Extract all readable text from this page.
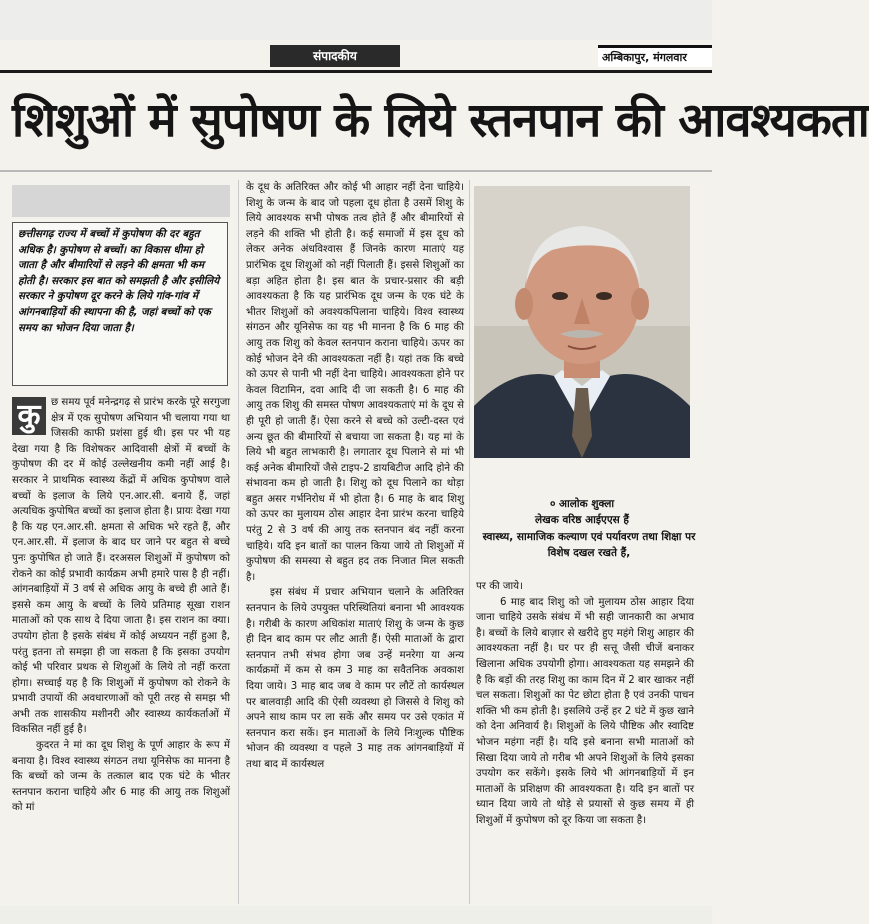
संपादकीय	अम्बिकापुर, मंगलवार
शिशुओं में सुपोषण के लिये स्तनपान की आवश्यकता

छत्तीसगढ़ राज्य में बच्चों में कुपोषण की दर बहुत अधिक है। कुपोषण से बच्चों। का विकास धीमा हो जाता है और बीमारियों से लड़ने की क्षमता भी कम होती है। सरकार इस बात को समझती है और इसीलिये सरकार ने कुपोषण दूर करने के लिये गांव-गांव में आंगनबाड़ियों की स्थापना की है, जहां बच्चों को एक समय का भोजन दिया जाता है।

कु	छ समय पूर्व मनेन्द्रगढ़ से प्रारंभ करके पूरे सरगुजा क्षेत्र में एक सुपोषण अभियान भी चलाया गया था जिसकी काफी प्रशंसा हुई थी। इस पर भी यह देखा गया है कि विशेषकर आदिवासी क्षेत्रों में बच्चों के कुपोषण की दर में कोई उल्लेखनीय कमी नहीं आई है। सरकार ने प्राथमिक स्वास्थ्य केंद्रों में अधिक कुपोषण वाले बच्चों के इलाज के लिये एन.आर.सी. बनाये हैं, जहां अत्यधिक कुपोषित बच्चों का इलाज होता है। प्रायः देखा गया है कि यह एन.आर.सी. क्षमता से अधिक भरे रहते हैं, और एन.आर.सी. में इलाज के बाद घर जाने पर बहुत से बच्चे पुनः कुपोषित हो जाते हैं। दरअसल शिशुओं में कुपोषण को रोकने का कोई प्रभावी कार्यक्रम अभी हमारे पास है ही नहीं। आंगनबाड़ियों में 3 वर्ष से अधिक आयु के बच्चे ही आते हैं। इससे कम आयु के बच्चों के लिये प्रतिमाह सूखा राशन माताओं को एक साथ दे दिया जाता है। इस राशन का क्या। उपयोग होता है इसके संबंध में कोई अध्ययन नहीं हुआ है, परंतु इतना तो समझा ही जा सकता है कि इसका उपयोग कोई भी परिवार प्रथक से शिशुओं के लिये तो नहीं करता होगा। सच्चाई यह है कि शिशुओं में कुपोषण को रोकने के प्रभावी उपायों की अवधारणाओं को पूरी तरह से समझ भी अभी तक शासकीय मशीनरी और स्वास्थ्य कार्यकर्ताओं में विकसित नहीं हुई है।

कुदरत ने मां का दूध शिशु के पूर्ण आहार के रूप में बनाया है। विश्व स्वास्थ्य संगठन तथा यूनिसेफ का मानना है कि बच्चों को जन्म के तत्काल बाद एक घंटे के भीतर स्तनपान कराना चाहिये और 6 माह की आयु तक शिशुओं को मां

के दूध के अतिरिक्त और कोई भी आहार नहीं देना चाहिये। शिशु के जन्म के बाद जो पहला दूध होता है उसमें शिशु के लिये आवश्यक सभी पोषक तत्व होते हैं और बीमारियों से लड़ने की शक्ति भी होती है। कई समाजों में इस दूध को लेकर अनेक अंधविश्वास हैं जिनके कारण माताएं यह प्रारंभिक दूध शिशुओं को नहीं पिलाती हैं। इससे शिशुओं का बड़ा अहित होता है। इस बात के प्रचार-प्रसार की बड़ी आवश्यकता है कि यह प्रारंभिक दूध जन्म के एक घंटे के भीतर शिशुओं को अवश्यकपिलाना चाहिये। विश्व स्वास्थ्य संगठन और यूनिसेफ का यह भी मानना है कि 6 माह की आयु तक शिशु को केवल स्तनपान कराना चाहिये। ऊपर का कोई भोजन देने की आवश्यकता नहीं है। यहां तक कि बच्चे को ऊपर से पानी भी नहीं देना चाहिये। आवश्यकता होने पर केवल विटामिन, दवा आदि दी जा सकती है। 6 माह की आयु तक शिशु की समस्त पोषण आवश्यकताएं मां के दूध से ही पूरी हो जाती हैं। ऐसा करने से बच्चे को उल्टी-दस्त एवं अन्य छूत की बीमारियों से बचाया जा सकता है। यह मां के लिये भी बहुत लाभकारी है। लगातार दूध पिलाने से मां भी कई अनेक बीमारियों जैसे टाइप-2 डायबिटीज आदि होने की संभावना कम हो जाती है। शिशु को दूध पिलाने का थोड़ा बहुत असर गर्भनिरोध में भी होता है। 6 माह के बाद शिशु को ऊपर का मुलायम ठोस आहार देना प्रारंभ करना चाहिये परंतु 2 से 3 वर्ष की आयु तक स्तनपान बंद नहीं करना चाहिये। यदि इन बातों का पालन किया जाये तो शिशुओं में कुपोषण की समस्या से बहुत हद तक निजात मिल सकती है।

इस संबंध में प्रचार अभियान चलाने के अतिरिक्त स्तनपान के लिये उपयुक्त परिस्थितियां बनाना भी आवश्यक है। गरीबी के कारण अधिकांश माताएं शिशु के जन्म के कुछ ही दिन बाद काम पर लौट आती हैं। ऐसी माताओं के द्वारा स्तनपान तभी संभव होगा जब उन्हें मनरेगा या अन्य कार्यक्रमों में कम से कम 3 माह का सवैतनिक अवकाश दिया जाये। 3 माह बाद जब वे काम पर लौटें तो कार्यस्थल पर बालवाड़ी आदि की ऐसी व्यवस्था हो जिससे वे शिशु को अपने साथ काम पर ला सकें और समय पर उसे एकांत में स्तनपान करा सकें। इन माताओं के लिये निःशुल्क पौष्टिक भोजन की व्यवस्था व पहले 3 माह तक आंगनबाड़ियों में तथा बाद में कार्यस्थल

० आलोक शुक्ला
लेखक वरिष्ठ आईएएस हैं
स्वास्थ्य, सामाजिक कल्याण एवं पर्यावरण तथा शिक्षा पर विशेष दखल रखते हैं,

पर की जाये।

6 माह बाद शिशु को जो मुलायम ठोस आहार दिया जाना चाहिये उसके संबंध में भी सही जानकारी का अभाव है। बच्चों के लिये बाज़ार से खरीदे हुए महंगे शिशु आहार की आवश्यकता नहीं है। घर पर ही सत्तू जैसी चीजें बनाकर खिलाना अधिक उपयोगी होगा। आवश्यकता यह समझने की है कि बड़ों की तरह शिशु का काम दिन में 2 बार खाकर नहीं चल सकता। शिशुओं का पेट छोटा होता है एवं उनकी पाचन शक्ति भी कम होती है। इसलिये उन्हें हर 2 घंटे में कुछ खाने को देना अनिवार्य है। शिशुओं के लिये पौष्टिक और स्वादिष्ट भोजन महंगा नहीं है। यदि इसे बनाना सभी माताओं को सिखा दिया जाये तो गरीब भी अपने शिशुओं के लिये इसका उपयोग कर सकेंगे। इसके लिये भी आंगनबाड़ियों में इन माताओं के प्रशिक्षण की आवश्यकता है। यदि इन बातों पर ध्यान दिया जाये तो थोड़े से प्रयासों से कुछ समय में ही शिशुओं में कुपोषण को दूर किया जा सकता है।
